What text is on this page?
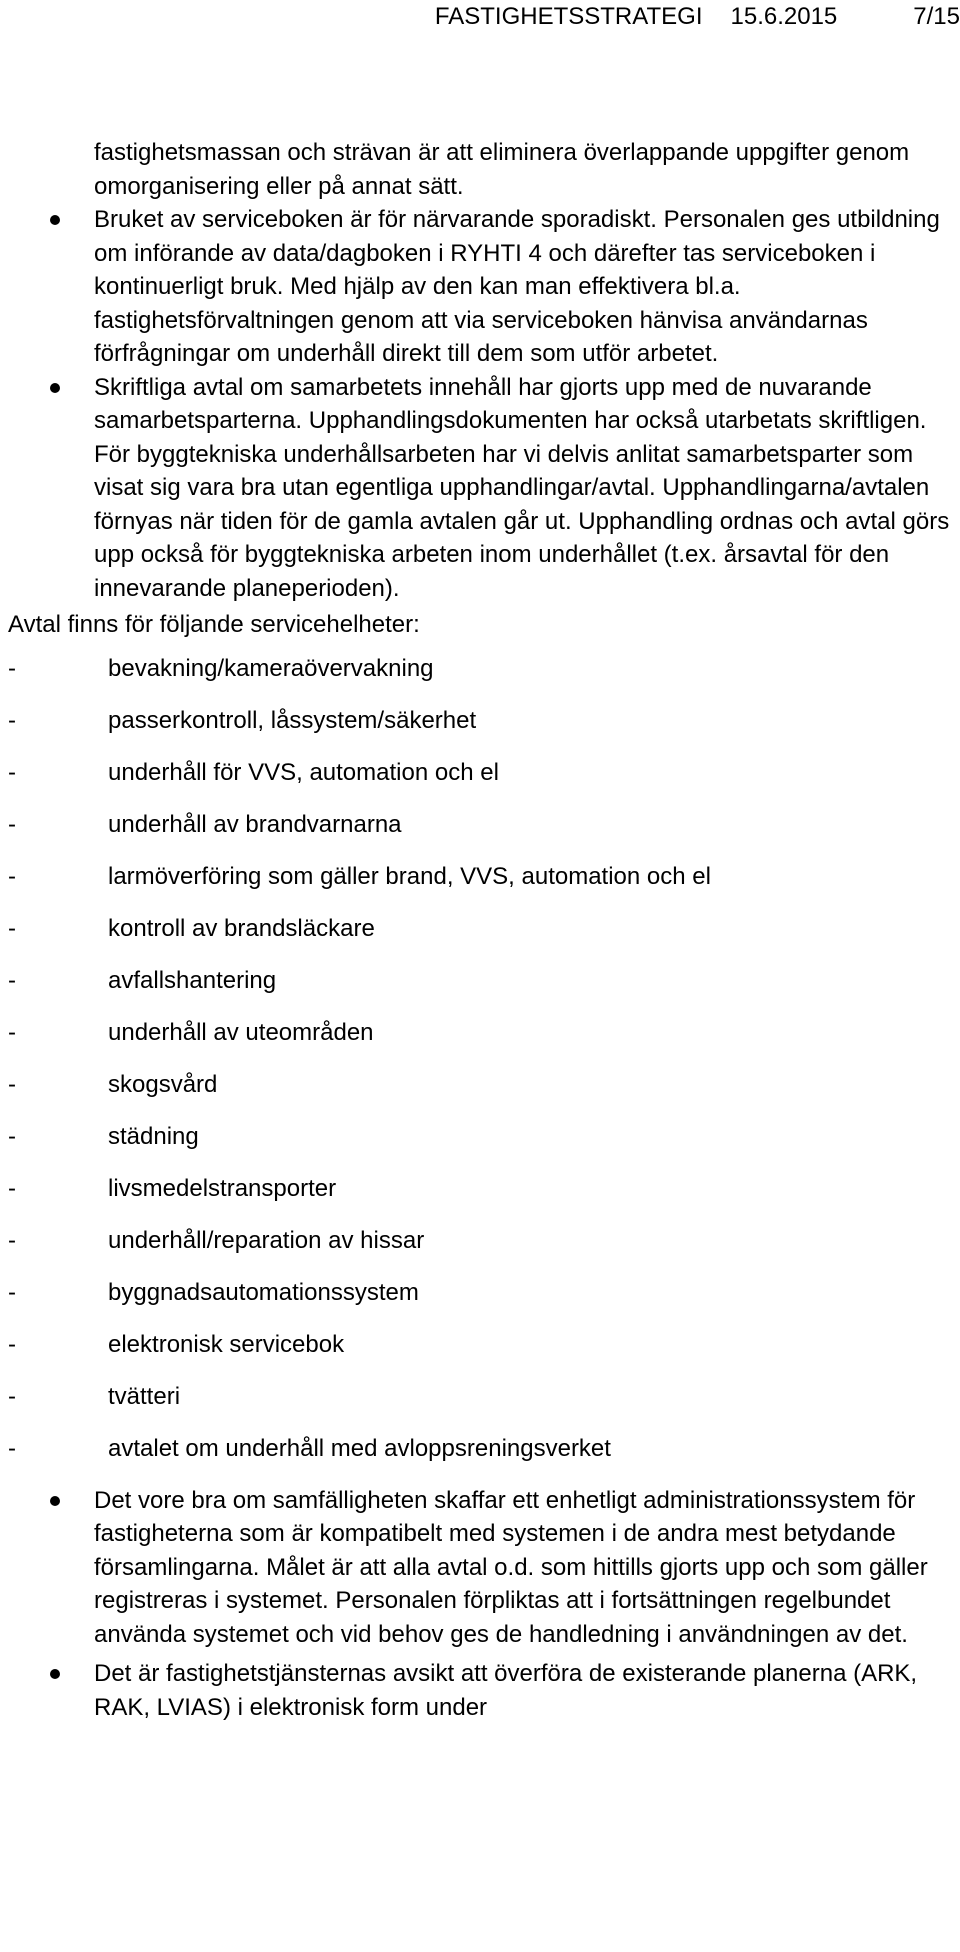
FASTIGHETSSTRATEGI 15.6.2015	7/15
fastighetsmassan och strävan är att eliminera överlappande uppgifter genom omorganisering eller på annat sätt.
Bruket av serviceboken är för närvarande sporadiskt. Personalen ges utbildning om införande av data/dagboken i RYHTI 4 och därefter tas serviceboken i kontinuerligt bruk. Med hjälp av den kan man effektivera bl.a. fastighetsförvaltningen genom att via serviceboken hänvisa användarnas förfrågningar om underhåll direkt till dem som utför arbetet.
Skriftliga avtal om samarbetets innehåll har gjorts upp med de nuvarande samarbetsparterna. Upphandlingsdokumenten har också utarbetats skriftligen. För byggtekniska underhållsarbeten har vi delvis anlitat samarbetsparter som visat sig vara bra utan egentliga upphandlingar/avtal. Upphandlingarna/avtalen förnyas när tiden för de gamla avtalen går ut. Upphandling ordnas och avtal görs upp också för byggtekniska arbeten inom underhållet (t.ex. årsavtal för den innevarande planeperioden).
Avtal finns för följande servicehelheter:
-	bevakning/kameraövervakning
-	passerkontroll, låssystem/säkerhet
-	underhåll för VVS, automation och el
-	underhåll av brandvarnarna
-	larmöverföring som gäller brand, VVS, automation och el
-	kontroll av brandsläckare
-	avfallshantering
-	underhåll av uteområden
-	skogsvård
-	städning
-	livsmedelstransporter
-	underhåll/reparation av hissar
-	byggnadsautomationssystem
-	elektronisk servicebok
-	tvätteri
-	avtalet om underhåll med avloppsreningsverket
Det vore bra om samfälligheten skaffar ett enhetligt administrationssystem för fastigheterna som är kompatibelt med systemen i de andra mest betydande församlingarna. Målet är att alla avtal o.d. som hittills gjorts upp och som gäller registreras i systemet. Personalen förpliktas att i fortsättningen regelbundet använda systemet och vid behov ges de handledning i användningen av det.
Det är fastighetstjänsternas avsikt att överföra de existerande planerna (ARK, RAK, LVIAS) i elektronisk form under
